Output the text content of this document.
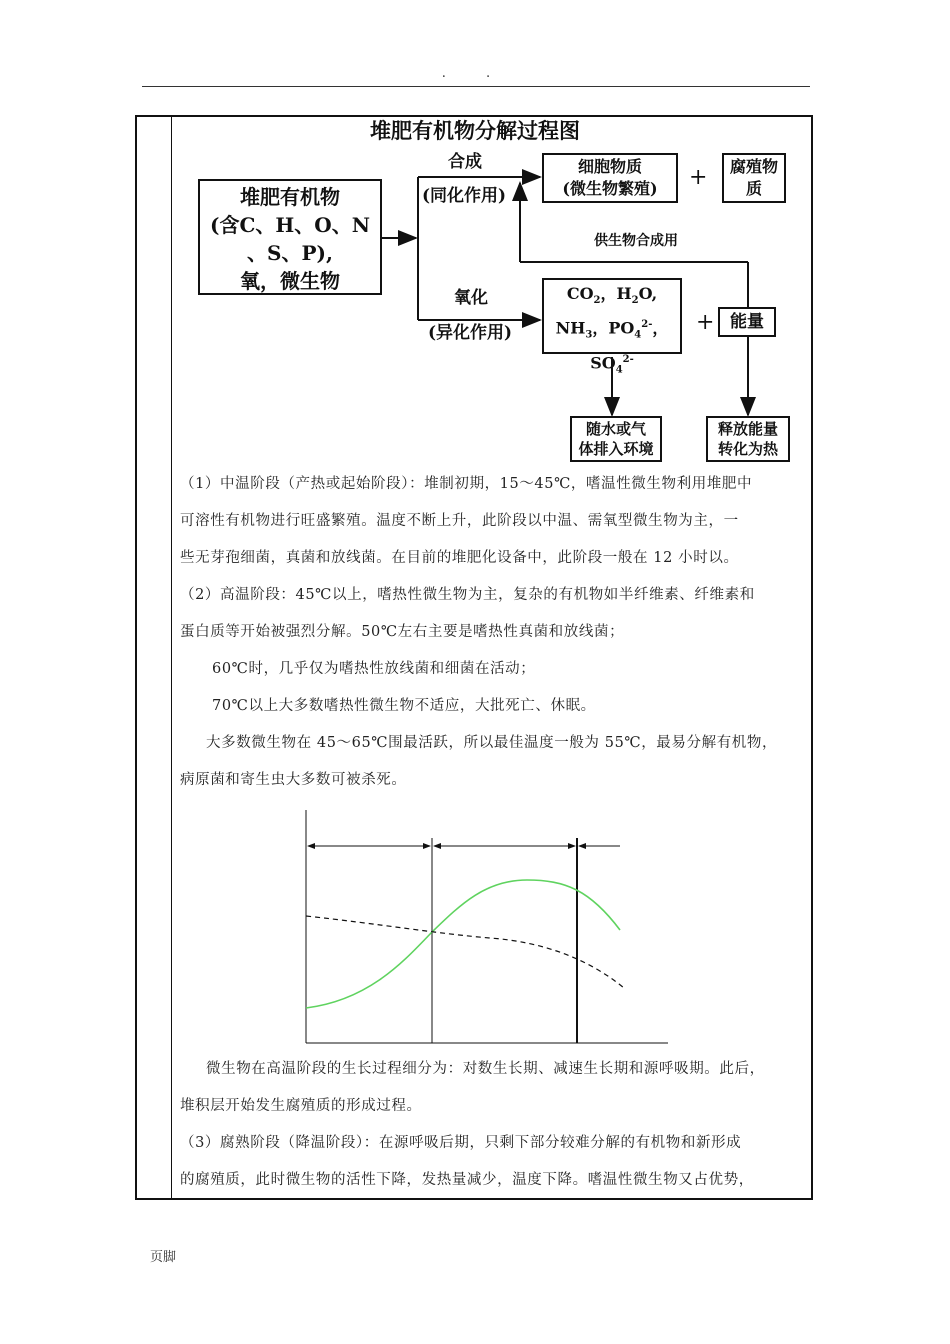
. .
堆肥有机物分解过程图
堆肥有机物
(含C、H、O、N
、S、P),
氧，微生物
合成
(同化作用)
细胞物质
(微生物繁殖)	+	腐殖物
质
供生物合成用
氧化
(异化作用)
$CO_2$，$H_2O$,
$NH_3$，$PO_4^{2-}$，
$SO_4^{2-}$
+ 能量
随水或气
体排入环境
释放能量
转化为热
（1）中温阶段（产热或起始阶段）：堆制初期，15～45℃，嗜温性微生物利用堆肥中
可溶性有机物进行旺盛繁殖。温度不断上升，此阶段以中温、需氧型微生物为主，一
些无芽孢细菌，真菌和放线菌。在目前的堆肥化设备中，此阶段一般在 12 小时以。
（2）高温阶段：45℃以上，嗜热性微生物为主，复杂的有机物如半纤维素、纤维素和
蛋白质等开始被强烈分解。50℃左右主要是嗜热性真菌和放线菌；
60℃时，几乎仅为嗜热性放线菌和细菌在活动；
70℃以上大多数嗜热性微生物不适应，大批死亡、休眠。
大多数微生物在 45～65℃围最活跃，所以最佳温度一般为 55℃，最易分解有机物，
病原菌和寄生虫大多数可被杀死。
微生物在高温阶段的生长过程细分为：对数生长期、减速生长期和源呼吸期。此后，
堆积层开始发生腐殖质的形成过程。
（3）腐熟阶段（降温阶段）：在源呼吸后期，只剩下部分较难分解的有机物和新形成
的腐殖质，此时微生物的活性下降，发热量减少，温度下降。嗜温性微生物又占优势，
页脚
